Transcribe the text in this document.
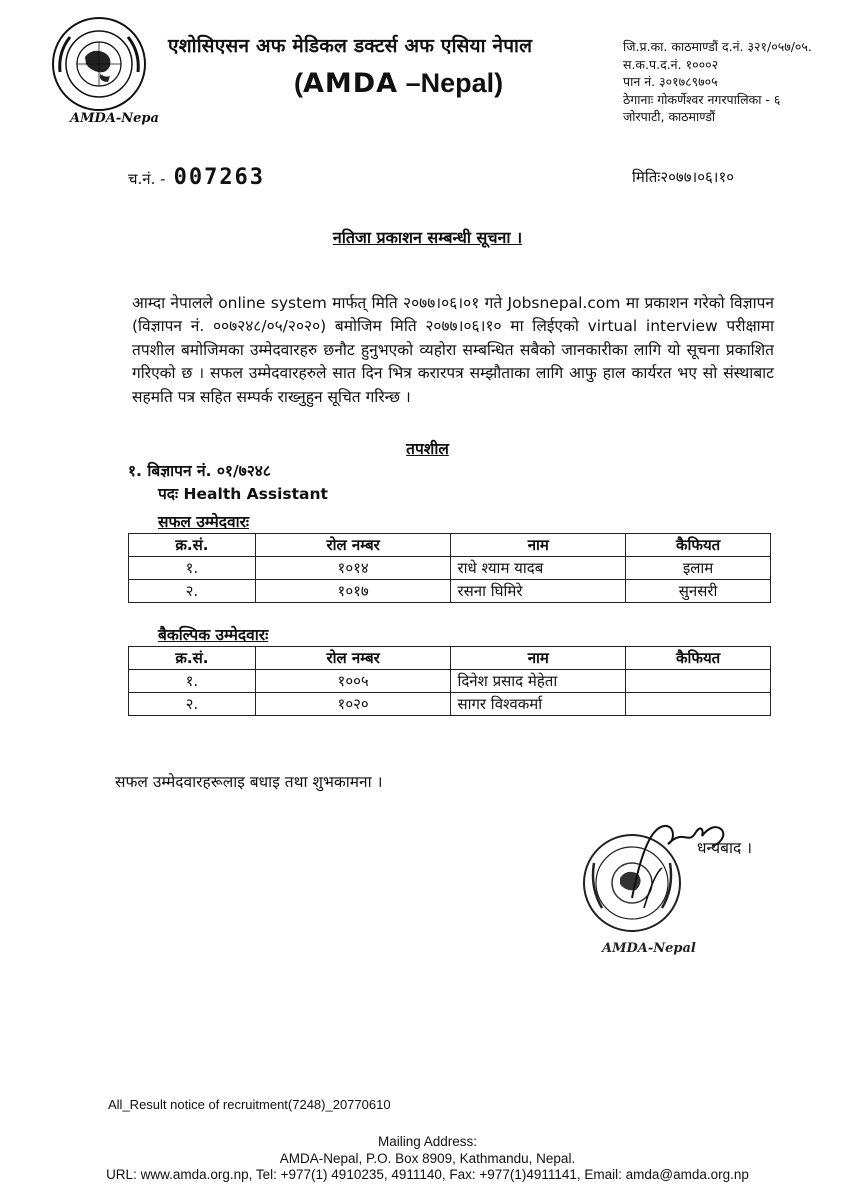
AMDA-Nepal
एशोसिएसन अफ मेडिकल डक्टर्स अफ एसिया नेपाल
(AMDA –Nepal)
जि.प्र.का. काठमाण्डौं द.नं. ३२१/०५७/०५.
स.क.प.द.नं. १०००२
पान नं. ३०१७८९७०५
ठेगानाः गोकर्णेश्वर नगरपालिका - ६
जोरपाटी, काठमाण्डौं
च.नं. - 007263	मितिः२०७७।०६।१०
नतिजा प्रकाशन सम्बन्धी सूचना ।
आम्दा नेपालले online system मार्फत् मिति २०७७।०६।०१ गते Jobsnepal.com मा प्रकाशन गरेको विज्ञापन (विज्ञापन नं. ००७२४८/०५/२०२०) बमोजिम मिति २०७७।०६।१० मा लिईएको virtual interview परीक्षामा तपशील बमोजिमका उम्मेदवारहरु छनौट हुनुभएको व्यहोरा सम्बन्धित सबैको जानकारीका लागि यो सूचना प्रकाशित गरिएको छ । सफल उम्मेदवारहरुले सात दिन भित्र करारपत्र सम्झौताका लागि आफु हाल कार्यरत भए सो संस्थाबाट सहमति पत्र सहित सम्पर्क राख्नुहुन सूचित गरिन्छ ।
तपशील
१. बिज्ञापन नं. ०१/७२४८
पदः Health Assistant
सफल उम्मेदवारः
क्र.सं.	रोल नम्बर	नाम	कैफियत
१.	१०१४	राधे श्याम यादब	इलाम
२.	१०१७	रसना घिमिरे	सुनसरी
बैकल्पिक उम्मेदवारः
क्र.सं.	रोल नम्बर	नाम	कैफियत
१.	१००५	दिनेश प्रसाद मेहेता	
२.	१०२०	सागर विश्वकर्मा	
सफल उम्मेदवारहरूलाइ बधाइ तथा शुभकामना ।
AMDA-Nepal
धन्यबाद ।
All_Result notice of recruitment(7248)_20770610
Mailing Address:
AMDA-Nepal, P.O. Box 8909, Kathmandu, Nepal.
URL: www.amda.org.np, Tel: +977(1) 4910235, 4911140, Fax: +977(1)4911141, Email: amda@amda.org.np
